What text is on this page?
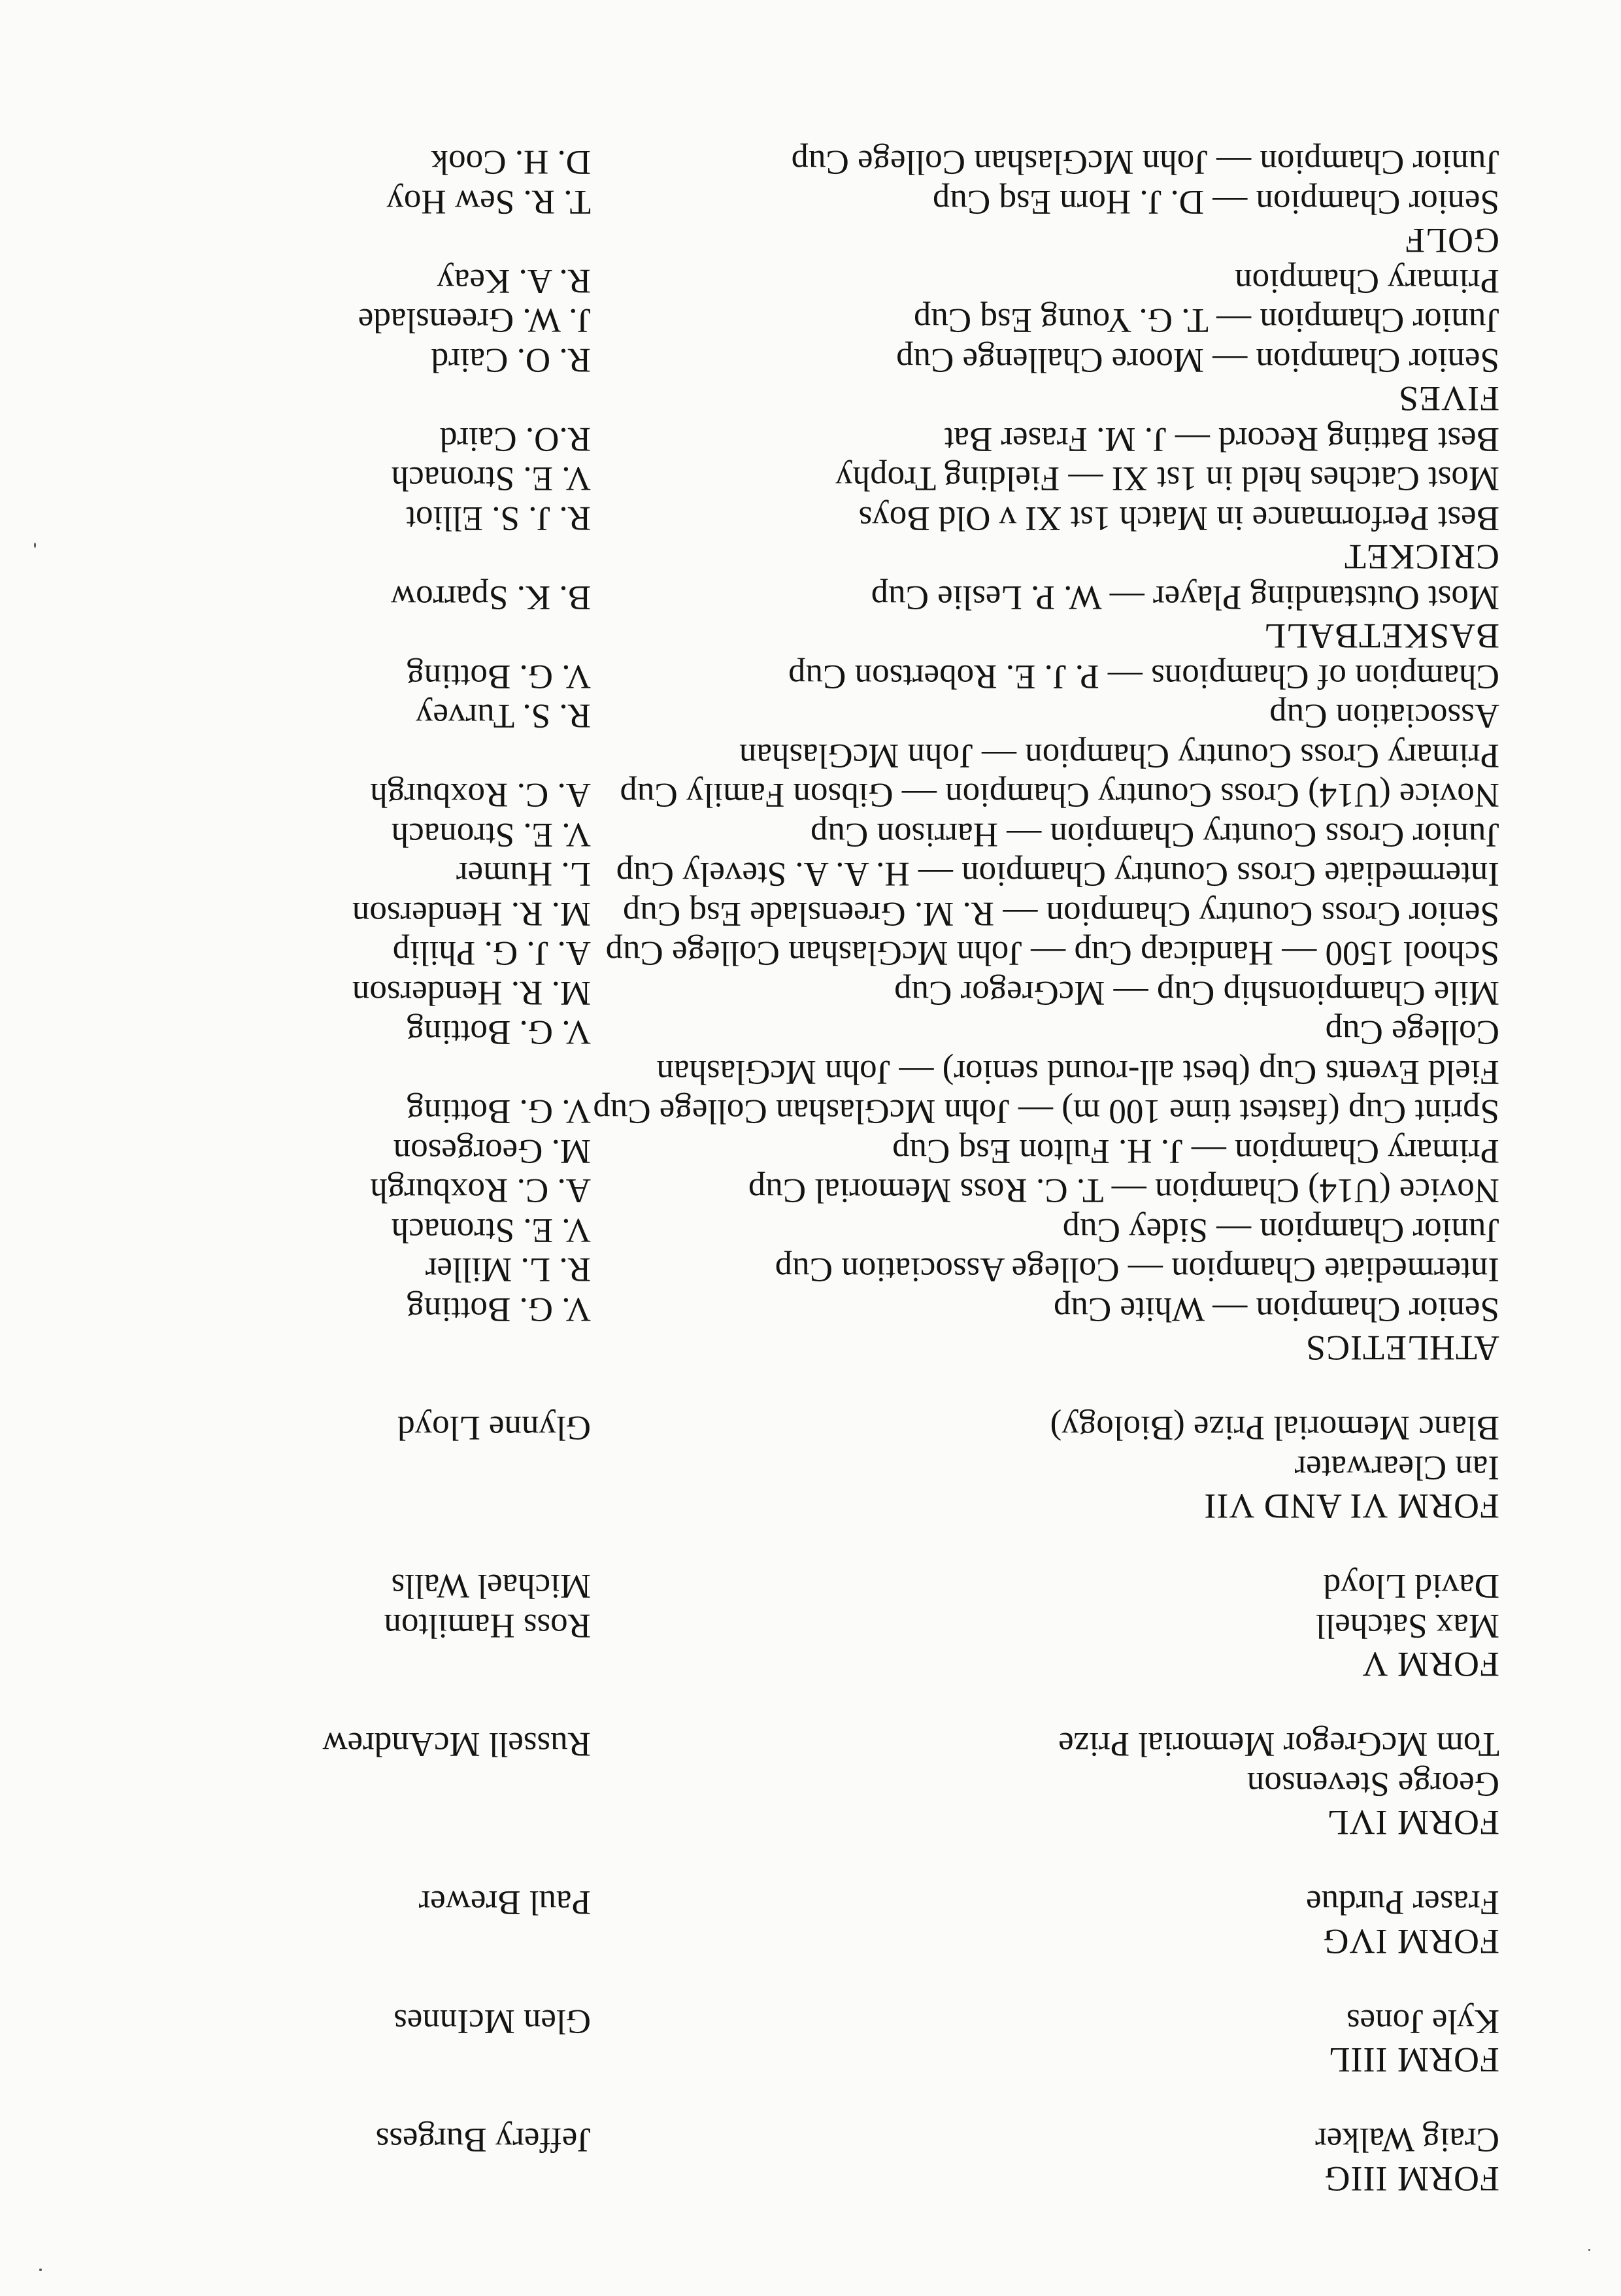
FORM IIIG
Craig Walker
Jeffery Burgess
FORM IIIL
Kyle Jones
Glen McInnes
FORM IVG
Fraser Purdue
Paul Brewer
FORM IVL
George Stevenson
Tom McGregor Memorial Prize
Russell McAndrew
FORM V
Max Satchell
Ross Hamilton
David Lloyd
Michael Walls
FORM VI AND VII
Ian Clearwater
Blanc Memorial Prize (Biology)
Glynne Lloyd
ATHLETICS
Senior Champion — White Cup
V. G. Botting
Intermediate Champion — College Association Cup
R. L. Miller
Junior Champion — Sidey Cup
V. E. Stronach
Novice (U14) Champion — T. C. Ross Memorial Cup
A. C. Roxburgh
Primary Champion — J. H. Fulton Esq Cup
M. Georgeson
Sprint Cup (fastest time 100 m) — John McGlashan College Cup
V. G. Botting
Field Events Cup (best all-round senior) — John McGlashan
College Cup
V. G. Botting
Mile Championship Cup — McGregor Cup
M. R. Henderson
School 1500 — Handicap Cup — John McGlashan College Cup
A. J. G. Philip
Senior Cross Country Champion — R. M. Greenslade Esq Cup
M. R. Henderson
Intermediate Cross Country Champion — H. A. A. Stevely Cup
L. Humer
Junior Cross Country Champion — Harrison Cup
V. E. Stronach
Novice (U14) Cross Country Champion — Gibson Family Cup
A. C. Roxburgh
Primary Cross Country Champion — John McGlashan
Association Cup
R. S. Turvey
Champion of Champions — P. J. E. Robertson Cup
V. G. Botting
BASKETBALL
Most Outstanding Player — W. P. Leslie Cup
B. K. Sparrow
CRICKET
Best Performance in Match 1st XI v Old Boys
R. J. S. Elliot
Most Catches held in 1st XI — Fielding Trophy
V. E. Stronach
Best Batting Record — J. M. Fraser Bat
R.O. Caird
FIVES
Senior Champion — Moore Challenge Cup
R. O. Caird
Junior Champion — T. G. Young Esq Cup
J. W. Greenslade
Primary Champion
R. A. Keay
GOLF
Senior Champion — D. J. Horn Esq Cup
T. R. Sew Hoy
Junior Champion — John McGlashan College Cup
D. H. Cook
